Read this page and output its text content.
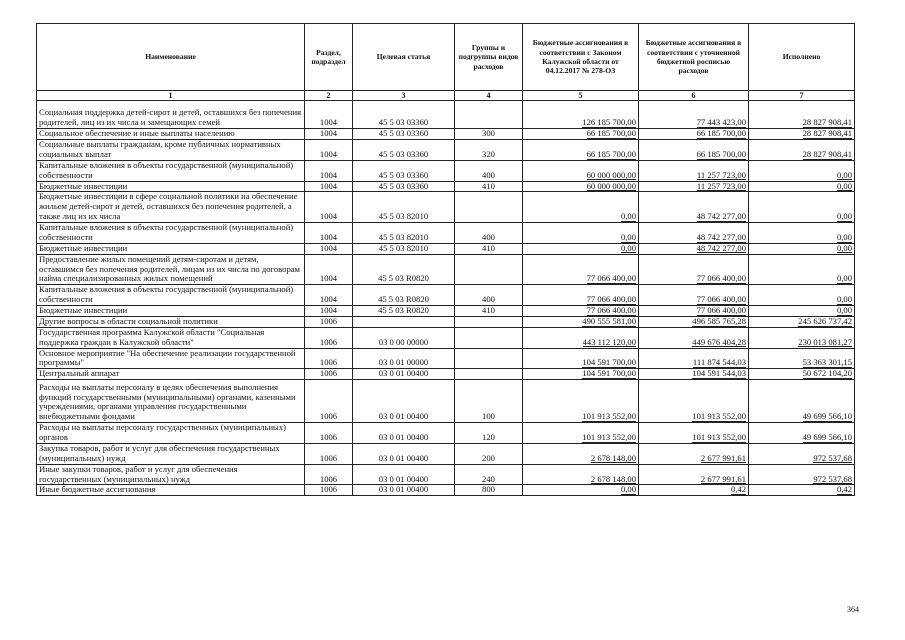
Наименование	Раздел, подраздел	Целевая статья	Группы и подгруппы видов расходов	Бюджетные ассигнования в соответствии с Законом Калужской области от 04.12.2017 № 278-ОЗ	Бюджетные ассигнования в соответствии с уточненной бюджетной росписью расходов	Исполнено
1	2	3	4	5	6	7
Социальная поддержка детей-сирот и детей, оставшихся без попечения родителей, лиц из их числа и замещающих семей	1004	45 5 03 03360		126 185 700,00	77 443 423,00	28 827 908,41
Социальное обеспечение и иные выплаты населению	1004	45 5 03 03360	300	66 185 700,00	66 185 700,00	28 827 908,41
Социальные выплаты гражданам, кроме публичных нормативных социальных выплат	1004	45 5 03 03360	320	66 185 700,00	66 185 700,00	28 827 908,41
Капитальные вложения в объекты государственной (муниципальной) собственности	1004	45 5 03 03360	400	60 000 000,00	11 257 723,00	0,00
Бюджетные инвестиции	1004	45 5 03 03360	410	60 000 000,00	11 257 723,00	0,00
Бюджетные инвестиции в сфере социальной политики на обеспечение жильем детей-сирот и детей, оставшихся без попечения родителей, а также лиц из их числа	1004	45 5 03 82010		0,00	48 742 277,00	0,00
Капитальные вложения в объекты государственной (муниципальной) собственности	1004	45 5 03 82010	400	0,00	48 742 277,00	0,00
Бюджетные инвестиции	1004	45 5 03 82010	410	0,00	48 742 277,00	0,00
Предоставление жилых помещений детям-сиротам и детям, оставшимся без попечения родителей, лицам из их числа по договорам найма специализированных жилых помещений	1004	45 5 03 R0820		77 066 400,00	77 066 400,00	0,00
Капитальные вложения в объекты государственной (муниципальной) собственности	1004	45 5 03 R0820	400	77 066 400,00	77 066 400,00	0,00
Бюджетные инвестиции	1004	45 5 03 R0820	410	77 066 400,00	77 066 400,00	0,00
Другие вопросы в области социальной политики	1006			490 555 581,00	496 585 765,28	245 626 737,42
Государственная программа Калужской области "Социальная поддержка граждан в Калужской области"	1006	03 0 00 00000		443 112 120,00	449 676 404,28	230 013 081,27
Основное мероприятие "На обеспечение реализации государственной программы"	1006	03 0 01 00000		104 591 700,00	111 874 544,03	53 363 301,15
Центральный аппарат	1006	03 0 01 00400		104 591 700,00	104 591 544,03	50 672 104,20
Расходы на выплаты персоналу в целях обеспечения выполнения функций государственными (муниципальными) органами, казенными учреждениями, органами управления государственными внебюджетными фондами	1006	03 0 01 00400	100	101 913 552,00	101 913 552,00	49 699 566,10
Расходы на выплаты персоналу государственных (муниципальных) органов	1006	03 0 01 00400	120	101 913 552,00	101 913 552,00	49 699 566,10
Закупка товаров, работ и услуг для обеспечения государственных (муниципальных) нужд	1006	03 0 01 00400	200	2 678 148,00	2 677 991,61	972 537,68
Иные закупки товаров, работ и услуг для обеспечения государственных (муниципальных) нужд	1006	03 0 01 00400	240	2 678 148,00	2 677 991,61	972 537,68
Иные бюджетные ассигнования	1006	03 0 01 00400	800	0,00	0,42	0,42
364
